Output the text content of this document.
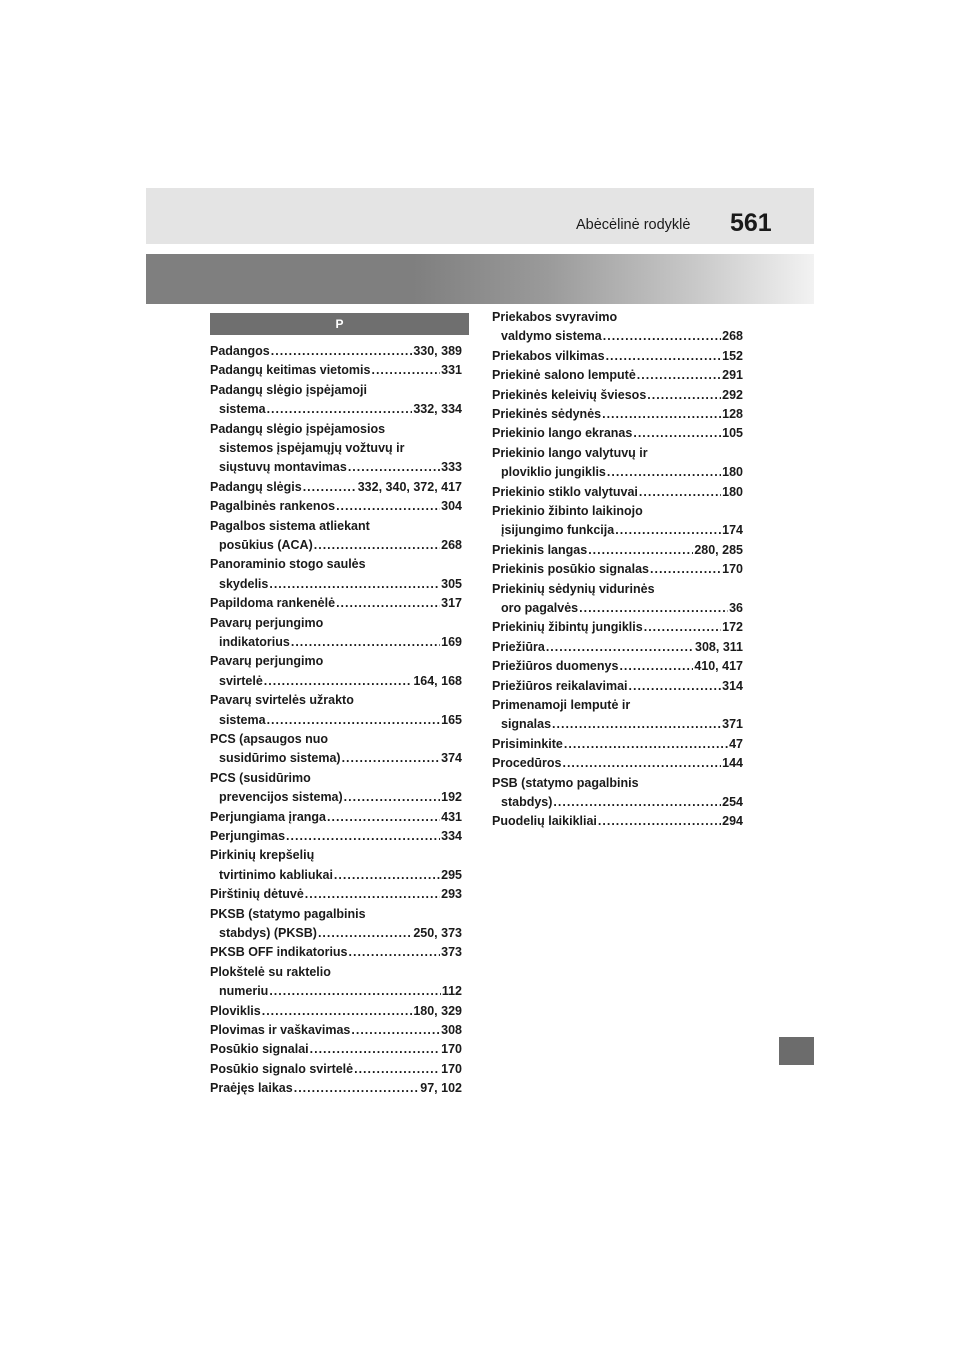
Abėcėlinė rodyklė 561
P
Padangos .....	330, 389
Padangų keitimas vietomis .....	331
Padangų slėgio įspėjamoji
sistema .....	332, 334
Padangų slėgio įspėjamosios
sistemos įspėjamųjų vožtuvų ir
siųstuvų montavimas .....	333
Padangų slėgis .....	332, 340, 372, 417
Pagalbinės rankenos .....	304
Pagalbos sistema atliekant
posūkius (ACA) .....	268
Panoraminio stogo saulės
skydelis .....	305
Papildoma rankenėlė .....	317
Pavarų perjungimo
indikatorius .....	169
Pavarų perjungimo
svirtelė .....	164, 168
Pavarų svirtelės užrakto
sistema .....	165
PCS (apsaugos nuo
susidūrimo sistema) .....	374
PCS (susidūrimo
prevencijos sistema) .....	192
Perjungiama įranga .....	431
Perjungimas .....	334
Pirkinių krepšelių
tvirtinimo kabliukai .....	295
Pirštinių dėtuvė .....	293
PKSB (statymo pagalbinis
stabdys) (PKSB) .....	250, 373
PKSB OFF indikatorius .....	373
Plokštelė su raktelio
numeriu .....	112
Ploviklis .....	180, 329
Plovimas ir vaškavimas .....	308
Posūkio signalai .....	170
Posūkio signalo svirtelė .....	170
Praėjęs laikas .....	97, 102
Priekabos svyravimo
valdymo sistema .....	268
Priekabos vilkimas .....	152
Priekinė salono lemputė .....	291
Priekinės keleivių šviesos .....	292
Priekinės sėdynės .....	128
Priekinio lango ekranas .....	105
Priekinio lango valytuvų ir
ploviklio jungiklis .....	180
Priekinio stiklo valytuvai .....	180
Priekinio žibinto laikinojo
įsijungimo funkcija .....	174
Priekinis langas .....	280, 285
Priekinis posūkio signalas .....	170
Priekinių sėdynių vidurinės
oro pagalvės .....	36
Priekinių žibintų jungiklis .....	172
Priežiūra .....	308, 311
Priežiūros duomenys .....	410, 417
Priežiūros reikalavimai .....	314
Primenamoji lemputė ir
signalas .....	371
Prisiminkite .....	47
Procedūros .....	144
PSB (statymo pagalbinis
stabdys) .....	254
Puodelių laikikliai .....	294
